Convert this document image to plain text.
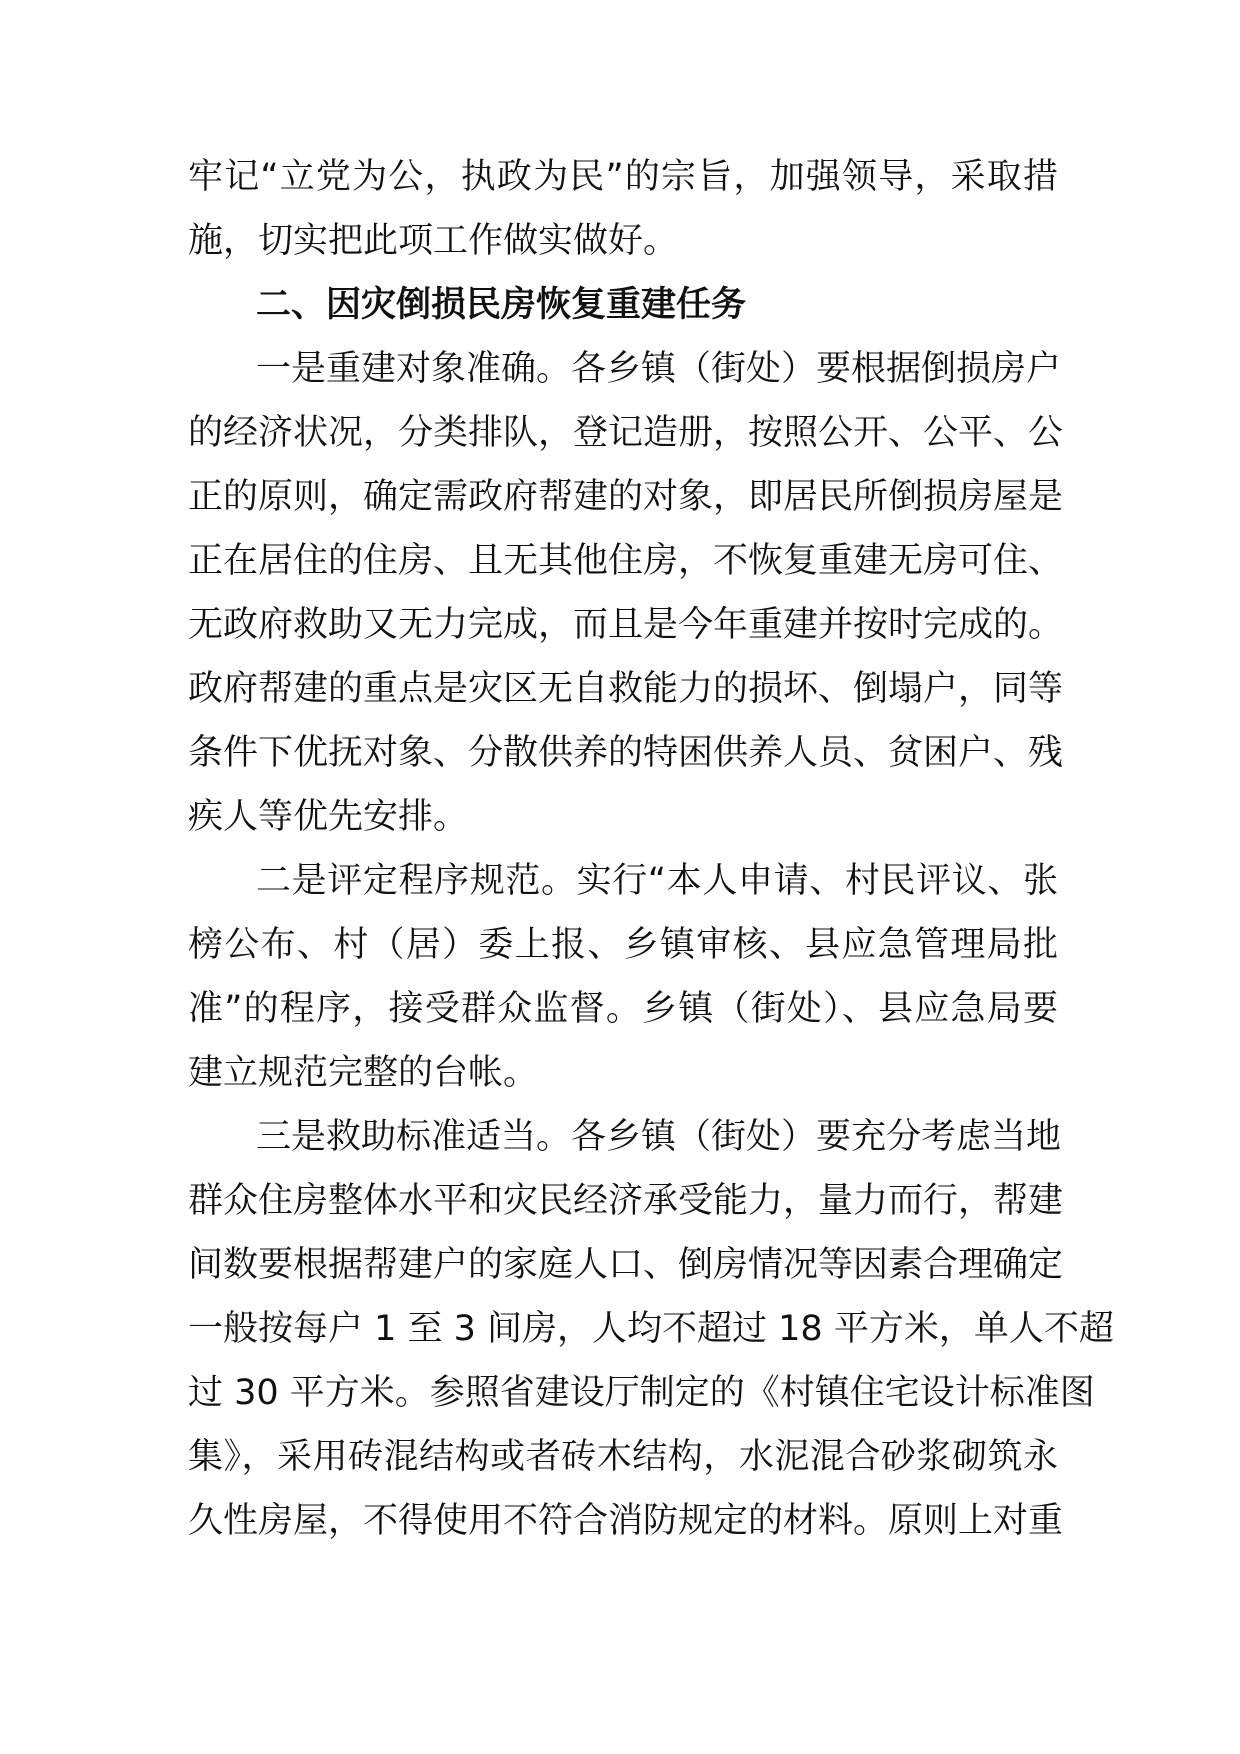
牢记“立党为公，执政为民”的宗旨，加强领导，采取措
施，切实把此项工作做实做好。
二、因灾倒损民房恢复重建任务
一是重建对象准确。各乡镇（街处）要根据倒损房户
的经济状况，分类排队，登记造册，按照公开、公平、公
正的原则，确定需政府帮建的对象，即居民所倒损房屋是
正在居住的住房、且无其他住房，不恢复重建无房可住、
无政府救助又无力完成，而且是今年重建并按时完成的。
政府帮建的重点是灾区无自救能力的损坏、倒塌户，同等
条件下优抚对象、分散供养的特困供养人员、贫困户、残
疾人等优先安排。
二是评定程序规范。实行“本人申请、村民评议、张
榜公布、村（居）委上报、乡镇审核、县应急管理局批
准”的程序，接受群众监督。乡镇（街处）、县应急局要
建立规范完整的台帐。
三是救助标准适当。各乡镇（街处）要充分考虑当地
群众住房整体水平和灾民经济承受能力，量力而行，帮建
间数要根据帮建户的家庭人口、倒房情况等因素合理确定
一般按每户 1 至 3 间房，人均不超过 18 平方米，单人不超
过 30 平方米。参照省建设厅制定的《村镇住宅设计标准图
集》，采用砖混结构或者砖木结构，水泥混合砂浆砌筑永
久性房屋，不得使用不符合消防规定的材料。原则上对重
